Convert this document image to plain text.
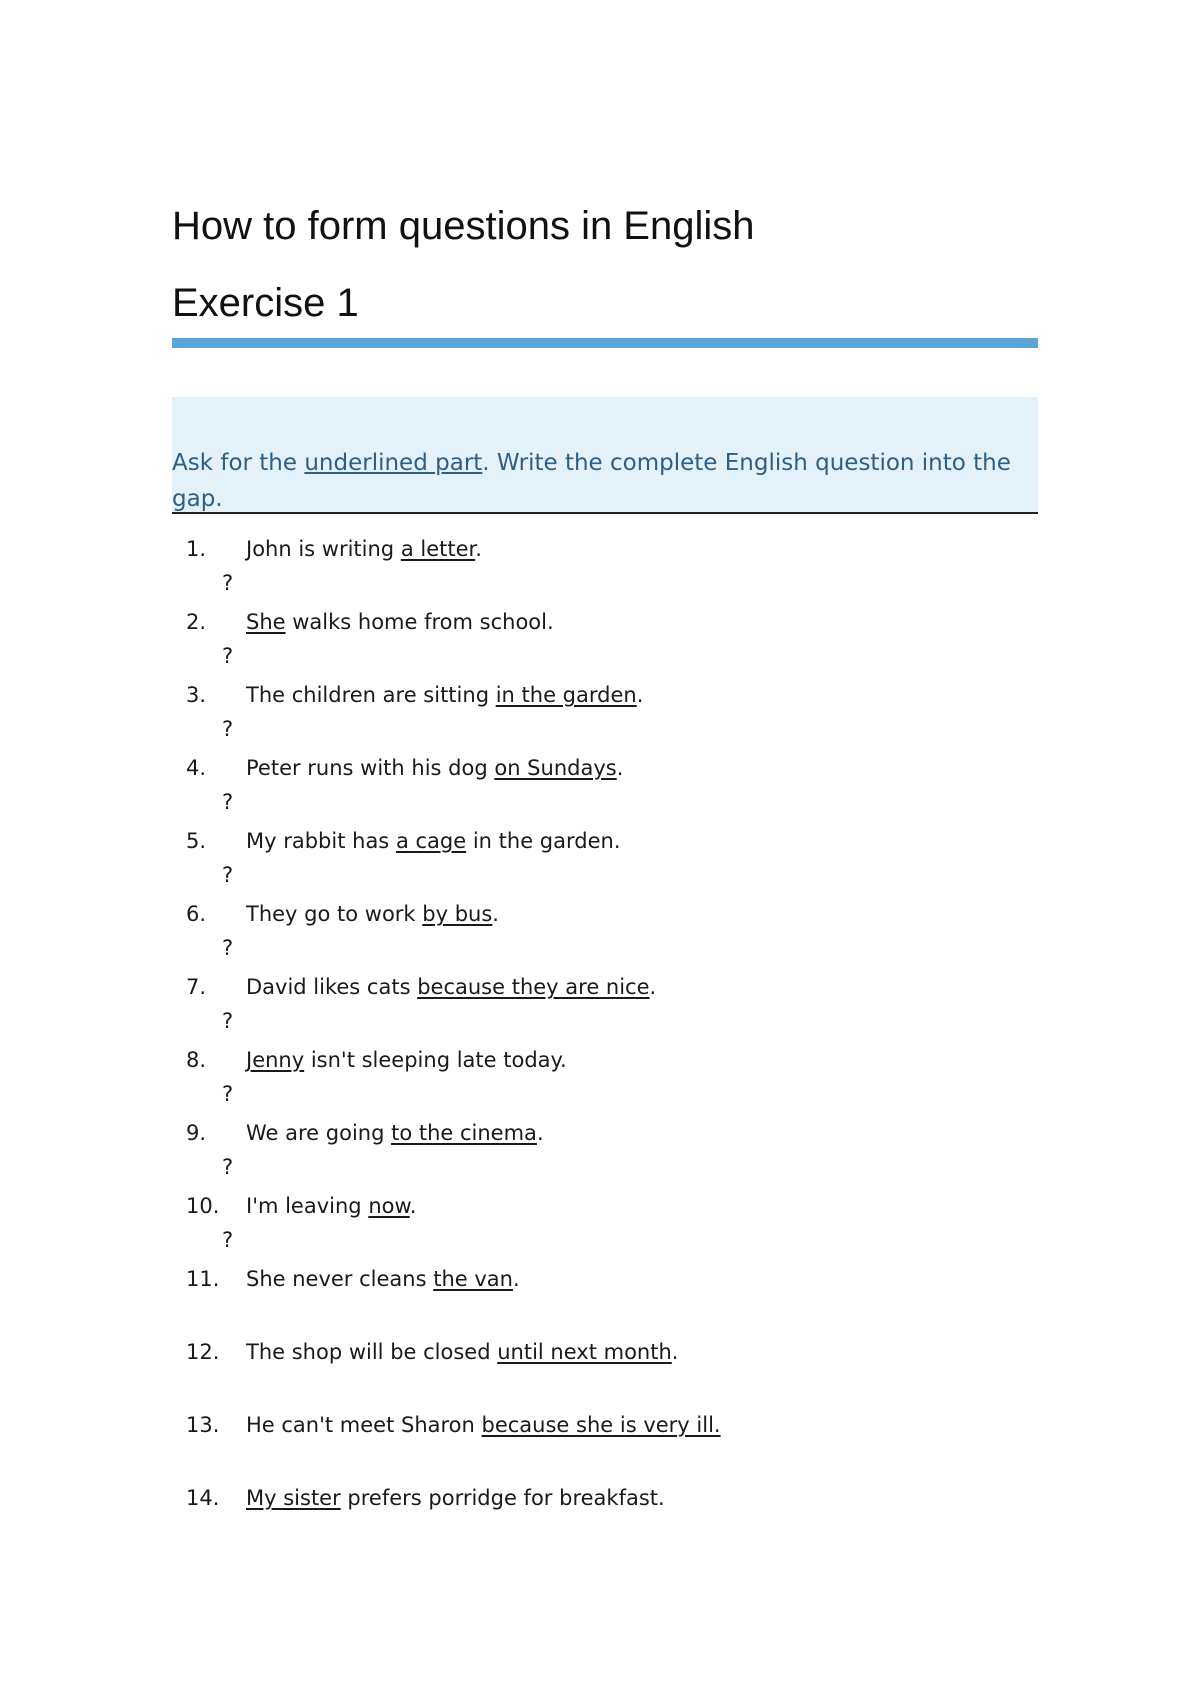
How to form questions in English
Exercise 1

Ask for the underlined part. Write the complete English question into the gap.

1. John is writing a letter.
?
2. She walks home from school.
?
3. The children are sitting in the garden.
?
4. Peter runs with his dog on Sundays.
?
5. My rabbit has a cage in the garden.
?
6. They go to work by bus.
?
7. David likes cats because they are nice.
?
8. Jenny isn't sleeping late today.
?
9. We are going to the cinema.
?
10. I'm leaving now.
?
11. She never cleans the van.
12. The shop will be closed until next month.
13. He can't meet Sharon because she is very ill.
14. My sister prefers porridge for breakfast.
